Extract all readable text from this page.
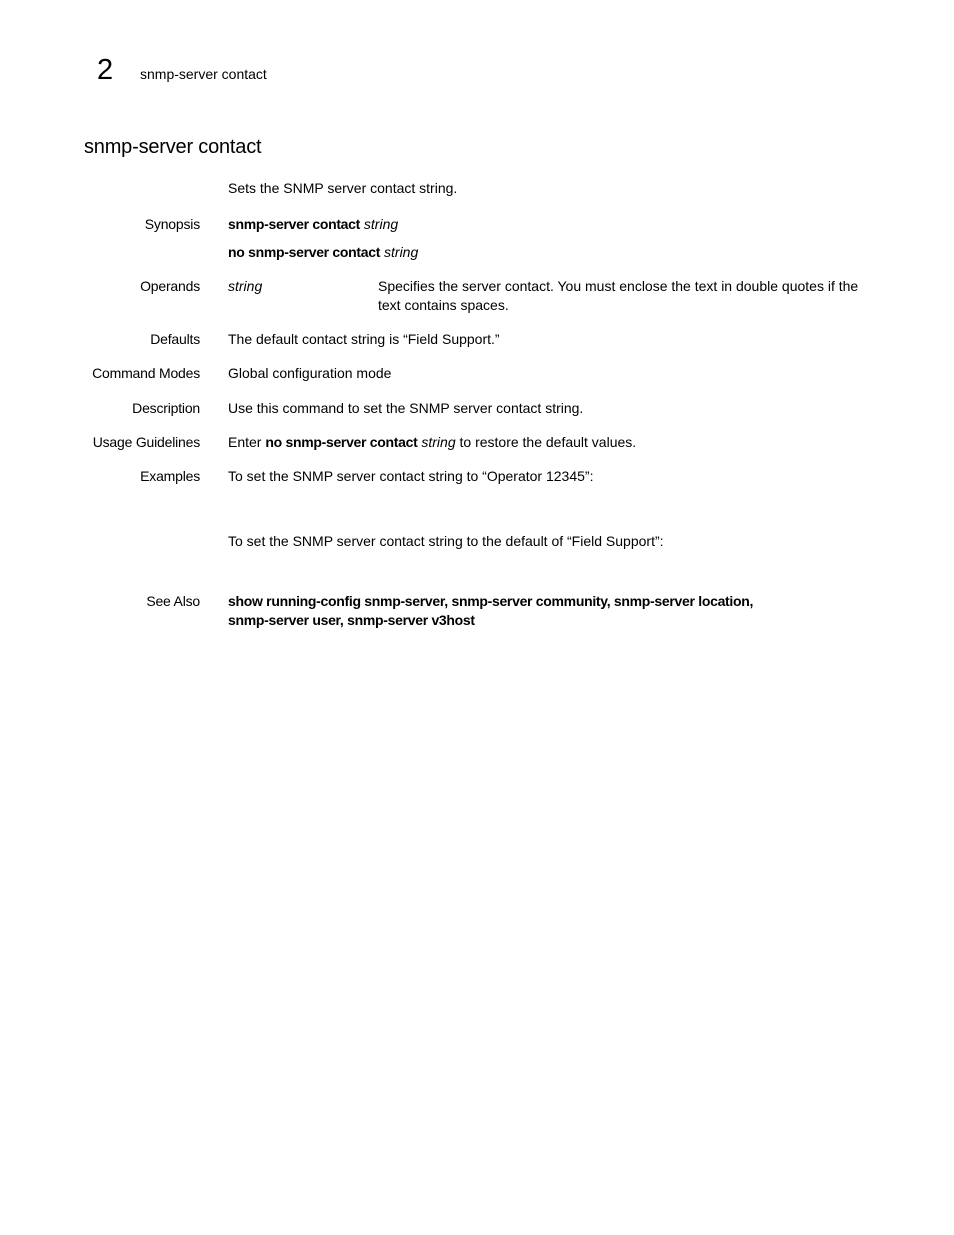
2 snmp-server contact
snmp-server contact
Sets the SNMP server contact string.
Synopsis snmp-server contact string
no snmp-server contact string
Operands string	Specifies the server contact. You must enclose the text in double quotes if the text contains spaces.
Defaults The default contact string is “Field Support.”
Command Modes Global configuration mode
Description Use this command to set the SNMP server contact string.
Usage Guidelines Enter no snmp-server contact string to restore the default values.
Examples To set the SNMP server contact string to “Operator 12345”:
To set the SNMP server contact string to the default of “Field Support”:
See Also show running-config snmp-server, snmp-server community, snmp-server location,
snmp-server user, snmp-server v3host
